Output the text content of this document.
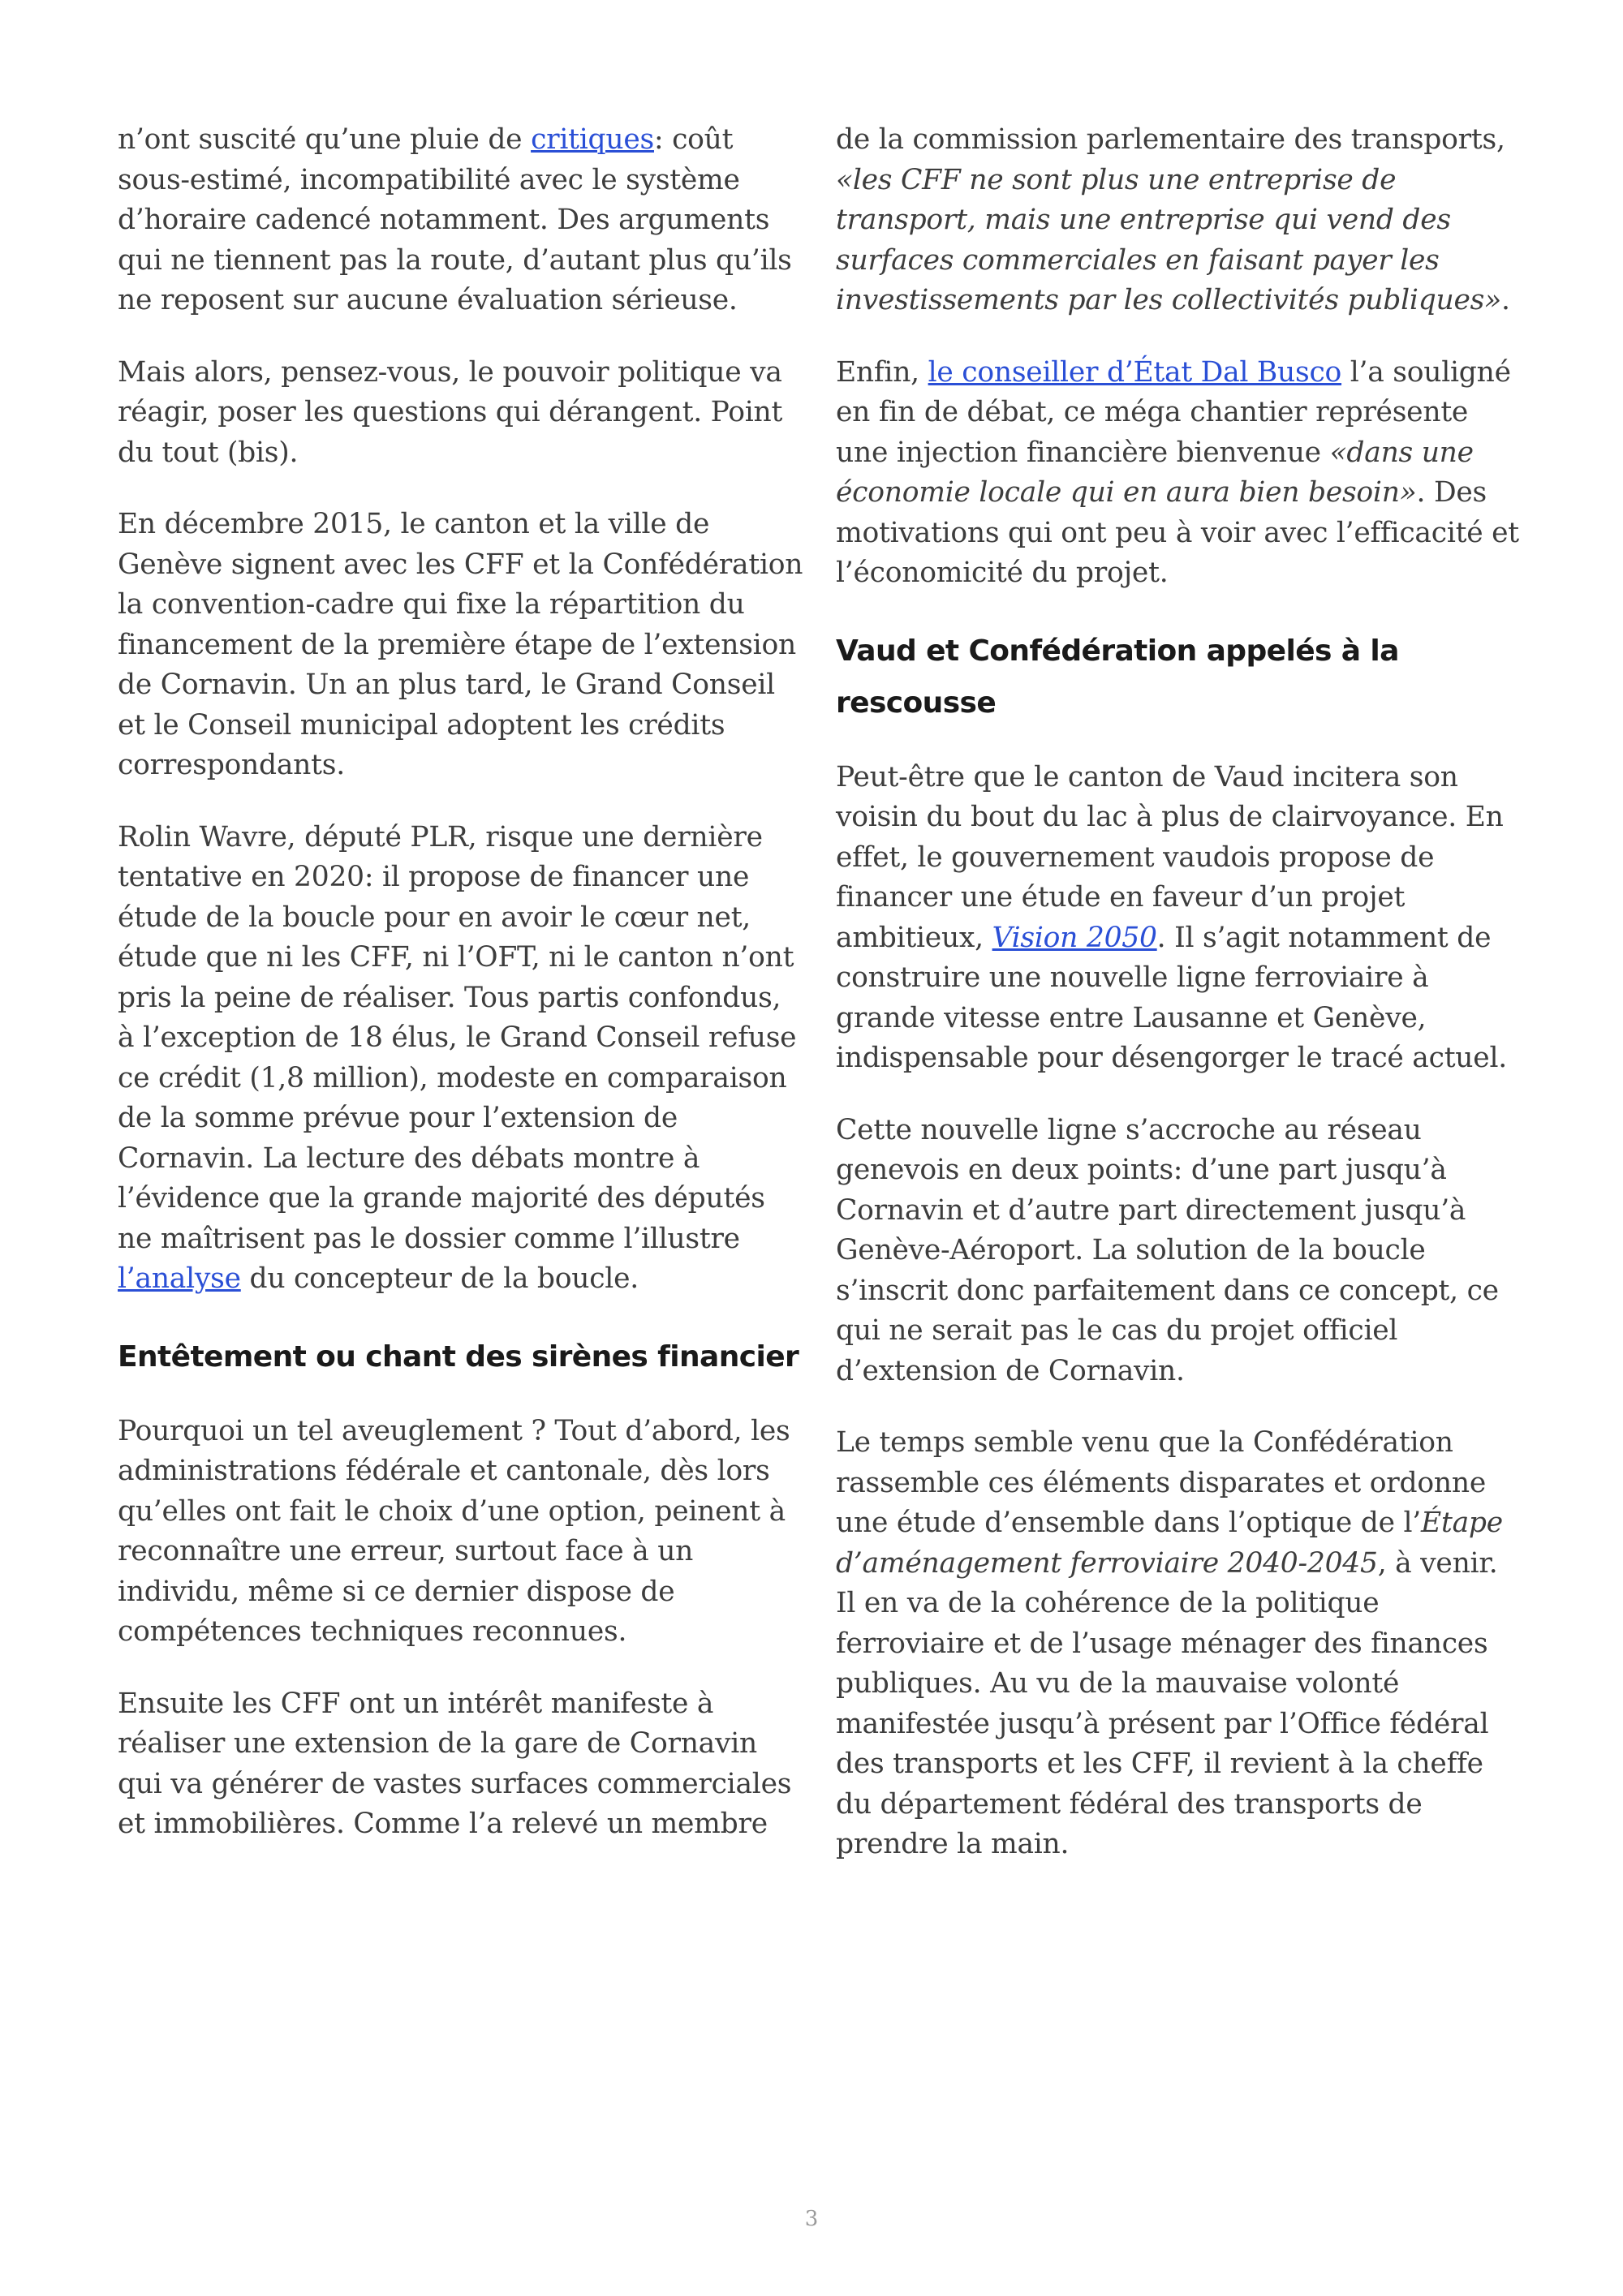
n’ont suscité qu’une pluie de critiques: coût sous-estimé, incompatibilité avec le système d’horaire cadencé notamment. Des arguments qui ne tiennent pas la route, d’autant plus qu’ils ne reposent sur aucune évaluation sérieuse.

Mais alors, pensez-vous, le pouvoir politique va réagir, poser les questions qui dérangent. Point du tout (bis).

En décembre 2015, le canton et la ville de Genève signent avec les CFF et la Confédération la convention-cadre qui fixe la répartition du financement de la première étape de l’extension de Cornavin. Un an plus tard, le Grand Conseil et le Conseil municipal adoptent les crédits correspondants.

Rolin Wavre, député PLR, risque une dernière tentative en 2020: il propose de financer une étude de la boucle pour en avoir le cœur net, étude que ni les CFF, ni l’OFT, ni le canton n’ont pris la peine de réaliser. Tous partis confondus, à l’exception de 18 élus, le Grand Conseil refuse ce crédit (1,8 million), modeste en comparaison de la somme prévue pour l’extension de Cornavin. La lecture des débats montre à l’évidence que la grande majorité des députés ne maîtrisent pas le dossier comme l’illustre l’analyse du concepteur de la boucle.

Entêtement ou chant des sirènes financier

Pourquoi un tel aveuglement ? Tout d’abord, les administrations fédérale et cantonale, dès lors qu’elles ont fait le choix d’une option, peinent à reconnaître une erreur, surtout face à un individu, même si ce dernier dispose de compétences techniques reconnues.

Ensuite les CFF ont un intérêt manifeste à réaliser une extension de la gare de Cornavin qui va générer de vastes surfaces commerciales et immobilières. Comme l’a relevé un membre

de la commission parlementaire des transports, «les CFF ne sont plus une entreprise de transport, mais une entreprise qui vend des surfaces commerciales en faisant payer les investissements par les collectivités publiques».

Enfin, le conseiller d’État Dal Busco l’a souligné en fin de débat, ce méga chantier représente une injection financière bienvenue «dans une économie locale qui en aura bien besoin». Des motivations qui ont peu à voir avec l’efficacité et l’économicité du projet.

Vaud et Confédération appelés à la rescousse

Peut-être que le canton de Vaud incitera son voisin du bout du lac à plus de clairvoyance. En effet, le gouvernement vaudois propose de financer une étude en faveur d’un projet ambitieux, Vision 2050. Il s’agit notamment de construire une nouvelle ligne ferroviaire à grande vitesse entre Lausanne et Genève, indispensable pour désengorger le tracé actuel.

Cette nouvelle ligne s’accroche au réseau genevois en deux points: d’une part jusqu’à Cornavin et d’autre part directement jusqu’à Genève-Aéroport. La solution de la boucle s’inscrit donc parfaitement dans ce concept, ce qui ne serait pas le cas du projet officiel d’extension de Cornavin.

Le temps semble venu que la Confédération rassemble ces éléments disparates et ordonne une étude d’ensemble dans l’optique de l’Étape d’aménagement ferroviaire 2040-2045, à venir. Il en va de la cohérence de la politique ferroviaire et de l’usage ménager des finances publiques. Au vu de la mauvaise volonté manifestée jusqu’à présent par l’Office fédéral des transports et les CFF, il revient à la cheffe du département fédéral des transports de prendre la main.

3
